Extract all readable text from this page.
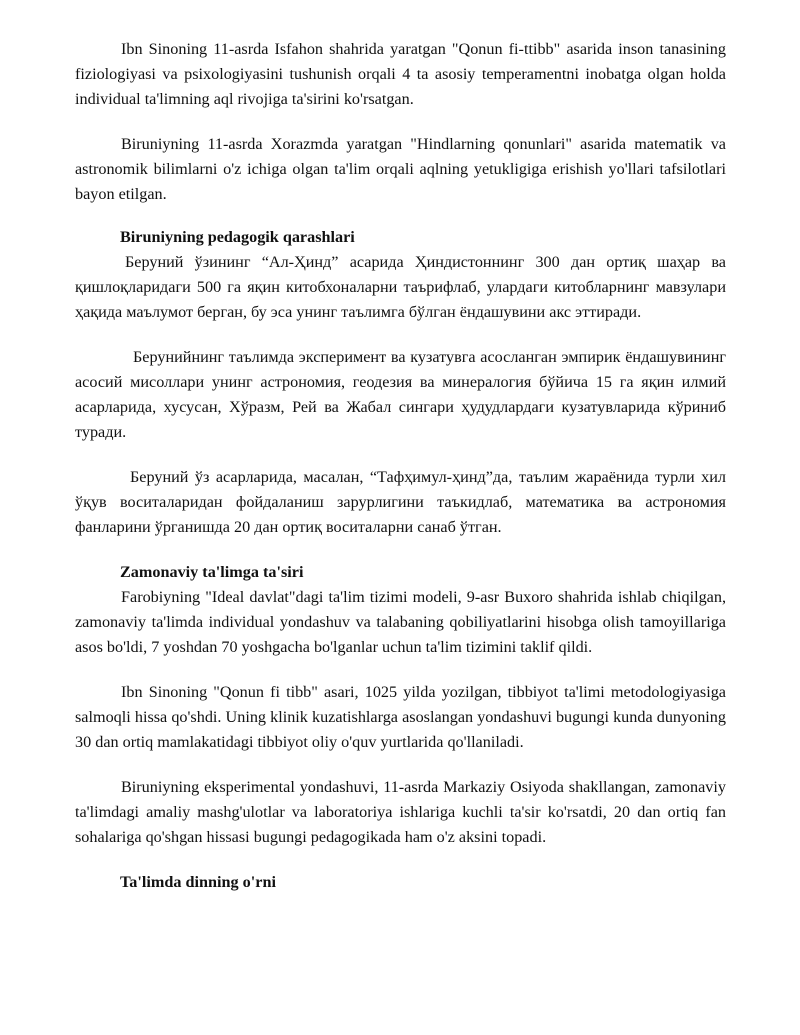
Ibn Sinoning 11-asrda Isfahon shahrida yaratgan "Qonun fi-ttibb" asarida inson tanasining fiziologiyasi va psixologiyasini tushunish orqali 4 ta asosiy temperamentni inobatga olgan holda individual ta'limning aql rivojiga ta'sirini ko'rsatgan.

Biruniyning 11-asrda Xorazmda yaratgan "Hindlarning qonunlari" asarida matematik va astronomik bilimlarni o'z ichiga olgan ta'lim orqali aqlning yetukligiga erishish yo'llari tafsilotlari bayon etilgan.

Biruniyning pedagogik qarashlari

Беруний ўзининг “Ал-Ҳинд” асарида Ҳиндистоннинг 300 дан ортиқ шаҳар ва қишлоқларидаги 500 га яқин китобхоналарни таърифлаб, улардаги китобларнинг мавзулари ҳақида маълумот берган, бу эса унинг таълимга бўлган ёндашувини акс эттиради.

Берунийнинг таълимда эксперимент ва кузатувга асосланган эмпирик ёндашувининг асосий мисоллари унинг астрономия, геодезия ва минералогия бўйича 15 га яқин илмий асарларида, хусусан, Хўразм, Рей ва Жабал сингари ҳудудлардаги кузатувларида кўриниб туради.

Беруний ўз асарларида, масалан, “Тафҳимул-ҳинд”да, таълим жараёнида турли хил ўқув воситаларидан фойдаланиш зарурлигини таъкидлаб, математика ва астрономия фанларини ўрганишда 20 дан ортиқ воситаларни санаб ўтган.

Zamonaviy ta'limga ta'siri

Farobiyning "Ideal davlat"dagi ta'lim tizimi modeli, 9-asr Buxoro shahrida ishlab chiqilgan, zamonaviy ta'limda individual yondashuv va talabaning qobiliyatlarini hisobga olish tamoyillariga asos bo'ldi, 7 yoshdan 70 yoshgacha bo'lganlar uchun ta'lim tizimini taklif qildi.

Ibn Sinoning "Qonun fi tibb" asari, 1025 yilda yozilgan, tibbiyot ta'limi metodologiyasiga salmoqli hissa qo'shdi. Uning klinik kuzatishlarga asoslangan yondashuvi bugungi kunda dunyoning 30 dan ortiq mamlakatidagi tibbiyot oliy o'quv yurtlarida qo'llaniladi.

Biruniyning eksperimental yondashuvi, 11-asrda Markaziy Osiyoda shakllangan, zamonaviy ta'limdagi amaliy mashg'ulotlar va laboratoriya ishlariga kuchli ta'sir ko'rsatdi, 20 dan ortiq fan sohalariga qo'shgan hissasi bugungi pedagogikada ham o'z aksini topadi.

Ta'limda dinning o'rni
